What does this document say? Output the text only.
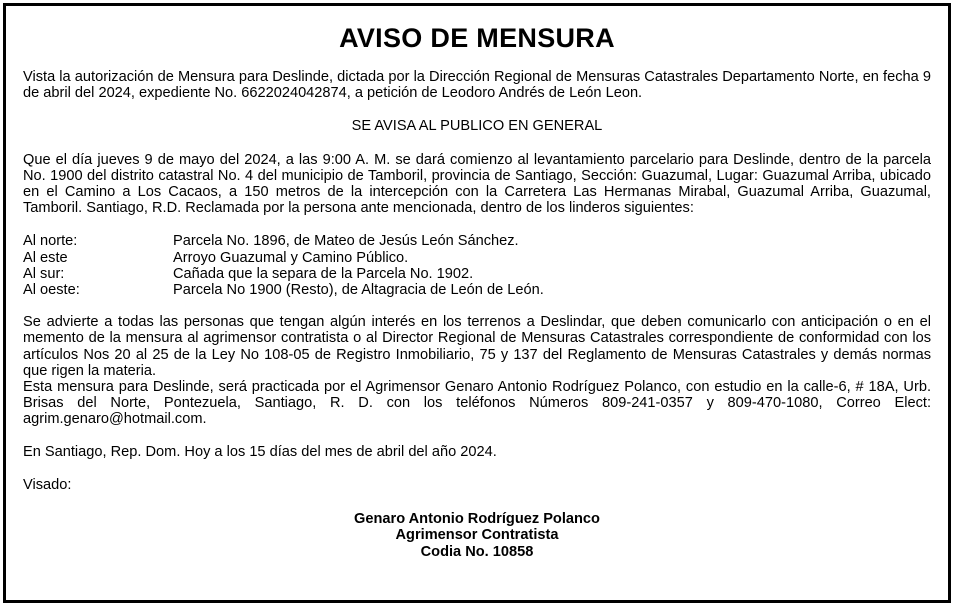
AVISO DE MENSURA

Vista la autorización de Mensura para Deslinde, dictada por la Dirección Regional de Mensuras Catastrales Departamento Norte, en fecha 9 de abril del 2024, expediente No. 6622024042874, a petición de Leodoro Andrés de León Leon.

SE AVISA AL PUBLICO EN GENERAL

Que el día jueves 9 de mayo del 2024, a las 9:00 A. M. se dará comienzo al levantamiento parcelario para Deslinde, dentro de la parcela No. 1900 del distrito catastral No. 4 del municipio de Tamboril, provincia de Santiago, Sección: Guazumal, Lugar: Guazumal Arriba, ubicado en el Camino a Los Cacaos, a 150 metros de la intercepción con la Carretera Las Hermanas Mirabal, Guazumal Arriba, Guazumal, Tamboril. Santiago, R.D. Reclamada por la persona ante mencionada, dentro de los linderos siguientes:

Al norte:	Parcela No. 1896, de Mateo de Jesús León Sánchez.
Al este	Arroyo Guazumal y Camino Público.
Al sur:	Cañada que la separa de la Parcela No. 1902.
Al oeste:	Parcela No 1900 (Resto), de Altagracia de León de León.

Se advierte a todas las personas que tengan algún interés en los terrenos a Deslindar, que deben comunicarlo con anticipación o en el memento de la mensura al agrimensor contratista o al Director Regional de Mensuras Catastrales correspondiente de conformidad con los artículos Nos 20 al 25 de la Ley No 108-05 de Registro Inmobiliario, 75 y 137 del Reglamento de Mensuras Catastrales y demás normas que rigen la materia.

Esta mensura para Deslinde, será practicada por el Agrimensor Genaro Antonio Rodríguez Polanco, con estudio en la calle-6, # 18A, Urb. Brisas del Norte, Pontezuela, Santiago, R. D. con los teléfonos Números 809-241-0357 y 809-470-1080, Correo Elect: agrim.genaro@hotmail.com.

En Santiago, Rep. Dom. Hoy a los 15 días del mes de abril del año 2024.

Visado:

Genaro Antonio Rodríguez Polanco
Agrimensor Contratista
Codia No. 10858
